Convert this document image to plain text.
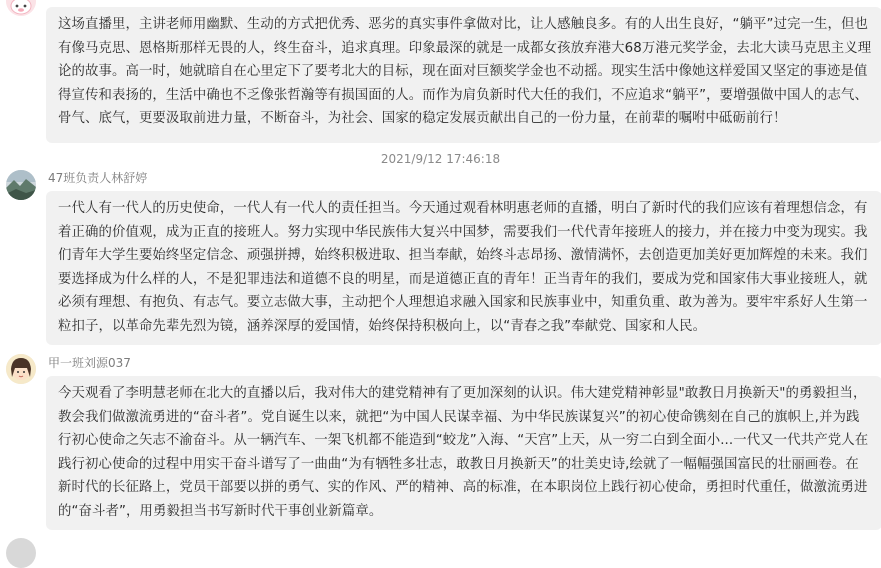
这场直播里，主讲老师用幽默、生动的方式把优秀、恶劣的真实事件拿做对比，让人感触良多。有的人出生良好，“躺平”过完一生，但也有像马克思、恩格斯那样无畏的人，终生奋斗，追求真理。印象最深的就是一成都女孩放弃港大68万港元奖学金，去北大读马克思主义理论的故事。高一时，她就暗自在心里定下了要考北大的目标，现在面对巨额奖学金也不动摇。现实生活中像她这样爱国又坚定的事迹是值得宣传和表扬的，生活中确也不乏像张哲瀚等有损国面的人。而作为肩负新时代大任的我们，不应追求“躺平”，要增强做中国人的志气、骨气、底气，更要汲取前进力量，不断奋斗，为社会、国家的稳定发展贡献出自己的一份力量，在前辈的嘱咐中砥砺前行！
2021/9/12 17:46:18
47班负责人林舒婷
一代人有一代人的历史使命，一代人有一代人的责任担当。今天通过观看林明惠老师的直播，明白了新时代的我们应该有着理想信念，有着正确的价值观，成为正直的接班人。努力实现中华民族伟大复兴中国梦，需要我们一代代青年接班人的接力，并在接力中变为现实。我们青年大学生要始终坚定信念、顽强拼搏，始终积极进取、担当奉献，始终斗志昂扬、激情满怀，去创造更加美好更加辉煌的未来。我们要选择成为什么样的人，不是犯罪违法和道德不良的明星，而是道德正直的青年！正当青年的我们，要成为党和国家伟大事业接班人，就必须有理想、有抱负、有志气。要立志做大事，主动把个人理想追求融入国家和民族事业中，知重负重、敢为善为。要牢牢系好人生第一粒扣子，以革命先辈先烈为镜，涵养深厚的爱国情，始终保持积极向上，以“青春之我”奉献党、国家和人民。
甲一班刘源037
今天观看了李明慧老师在北大的直播以后，我对伟大的建党精神有了更加深刻的认识。伟大建党精神彰显"敢教日月换新天"的勇毅担当，教会我们做激流勇进的“奋斗者”。党自诞生以来，就把“为中国人民谋幸福、为中华民族谋复兴”的初心使命镌刻在自己的旗帜上,并为践行初心使命之矢志不渝奋斗。从一辆汽车、一架飞机都不能造到“蛟龙”入海、“天宫”上天，从一穷二白到全面小...一代又一代共产党人在践行初心使命的过程中用实干奋斗谱写了一曲曲“为有牺牲多壮志，敢教日月换新天”的壮美史诗,绘就了一幅幅强国富民的壮丽画卷。在新时代的长征路上，党员干部要以拼的勇气、实的作风、严的精神、高的标准，在本职岗位上践行初心使命，勇担时代重任，做激流勇进的“奋斗者”，用勇毅担当书写新时代干事创业新篇章。
